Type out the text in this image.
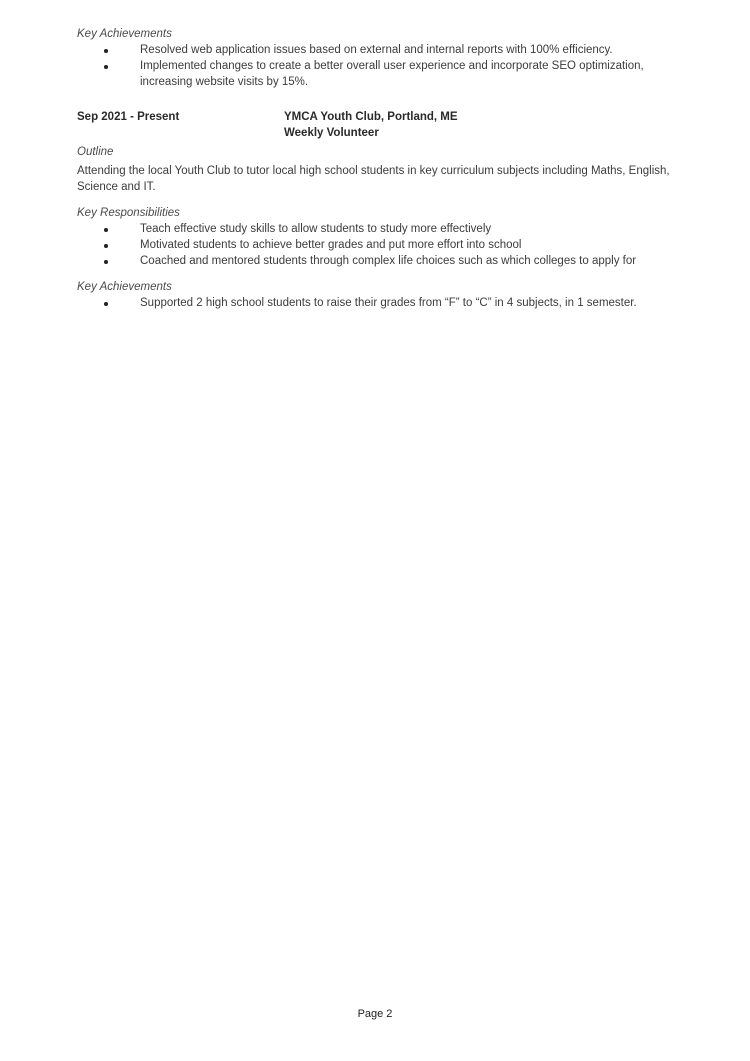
Key Achievements

Resolved web application issues based on external and internal reports with 100% efficiency.
Implemented changes to create a better overall user experience and incorporate SEO optimization, increasing website visits by 15%.
Sep 2021 - Present	YMCA Youth Club, Portland, ME
Weekly Volunteer

Outline

Attending the local Youth Club to tutor local high school students in key curriculum subjects including Maths, English, Science and IT.

Key Responsibilities

Teach effective study skills to allow students to study more effectively
Motivated students to achieve better grades and put more effort into school
Coached and mentored students through complex life choices such as which colleges to apply for

Key Achievements

Supported 2 high school students to raise their grades from “F” to “C” in 4 subjects, in 1 semester.
Page 2
